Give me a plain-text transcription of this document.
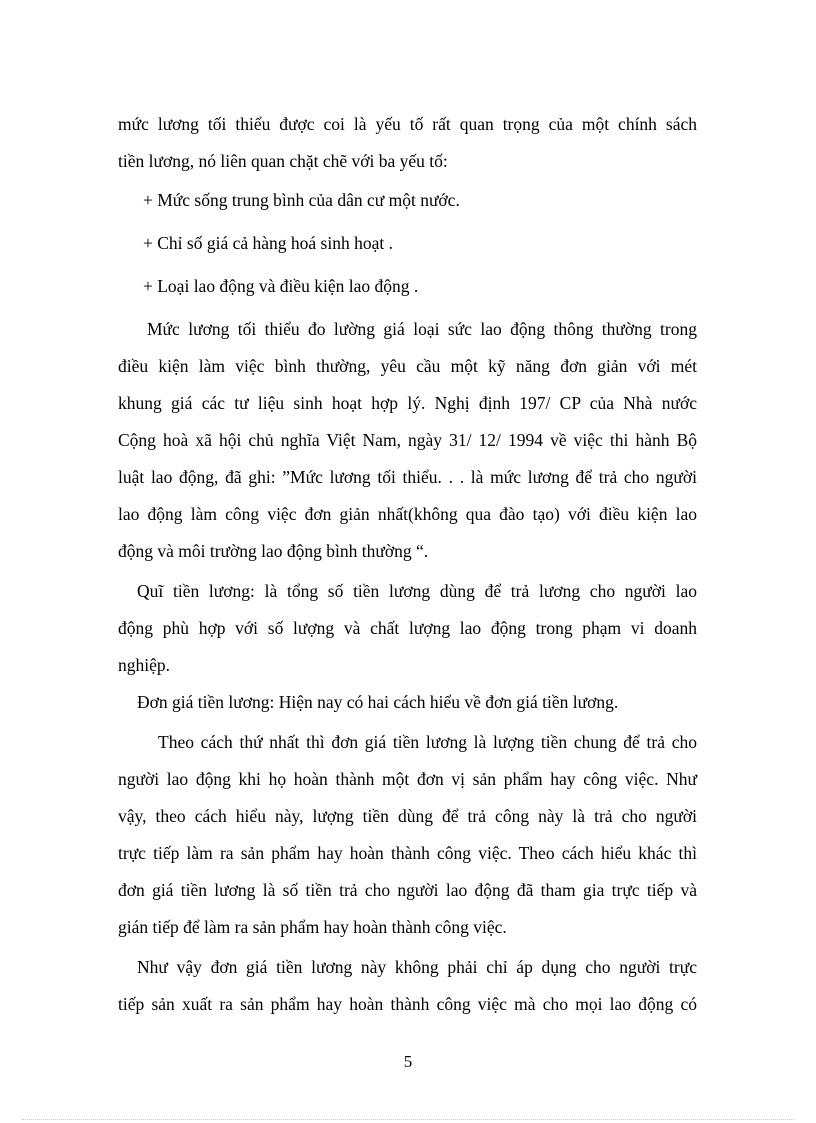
mức lương tối thiểu được coi là yếu tố rất quan trọng của một chính sách
tiền lương, nó liên quan chặt chẽ với ba yếu tố:
+ Mức sống trung bình của dân cư một nước.
+ Chỉ số giá cả hàng hoá sinh hoạt .
+ Loại lao động và điều kiện lao động .
Mức lương tối thiểu đo lường giá loại sức lao động thông thường trong
điều kiện làm việc bình thường, yêu cầu một kỹ năng đơn giản với mét
khung giá các tư liệu sinh hoạt hợp lý. Nghị định 197/ CP của Nhà nước
Cộng hoà xã hội chủ nghĩa Việt Nam, ngày 31/ 12/ 1994 về việc thi hành Bộ
luật lao động, đã ghi: ”Mức lương tối thiểu. . . là mức lương để trả cho người
lao động làm công việc đơn giản nhất(không qua đào tạo) với điều kiện lao
động và môi trường lao động bình thường “.
Quĩ tiền lương: là tổng số tiền lương dùng để trả lương cho người lao
động phù hợp với số lượng và chất lượng lao động trong phạm vi doanh
nghiệp.
Đơn giá tiền lương: Hiện nay có hai cách hiểu về đơn giá tiền lương.
Theo cách thứ nhất thì đơn giá tiền lương là lượng tiền chung để trả cho
người lao động khi họ hoàn thành một đơn vị sản phẩm hay công việc. Như
vậy, theo cách hiểu này, lượng tiền dùng để trả công này là trả cho người
trực tiếp làm ra sản phẩm hay hoàn thành công việc. Theo cách hiểu khác thì
đơn giá tiền lương là số tiền trả cho người lao động đã tham gia trực tiếp và
gián tiếp để làm ra sản phẩm hay hoàn thành công việc.
Như vậy đơn giá tiền lương này không phải chỉ áp dụng cho người trực
tiếp sản xuất ra sản phẩm hay hoàn thành công việc mà cho mọi lao động có
5
